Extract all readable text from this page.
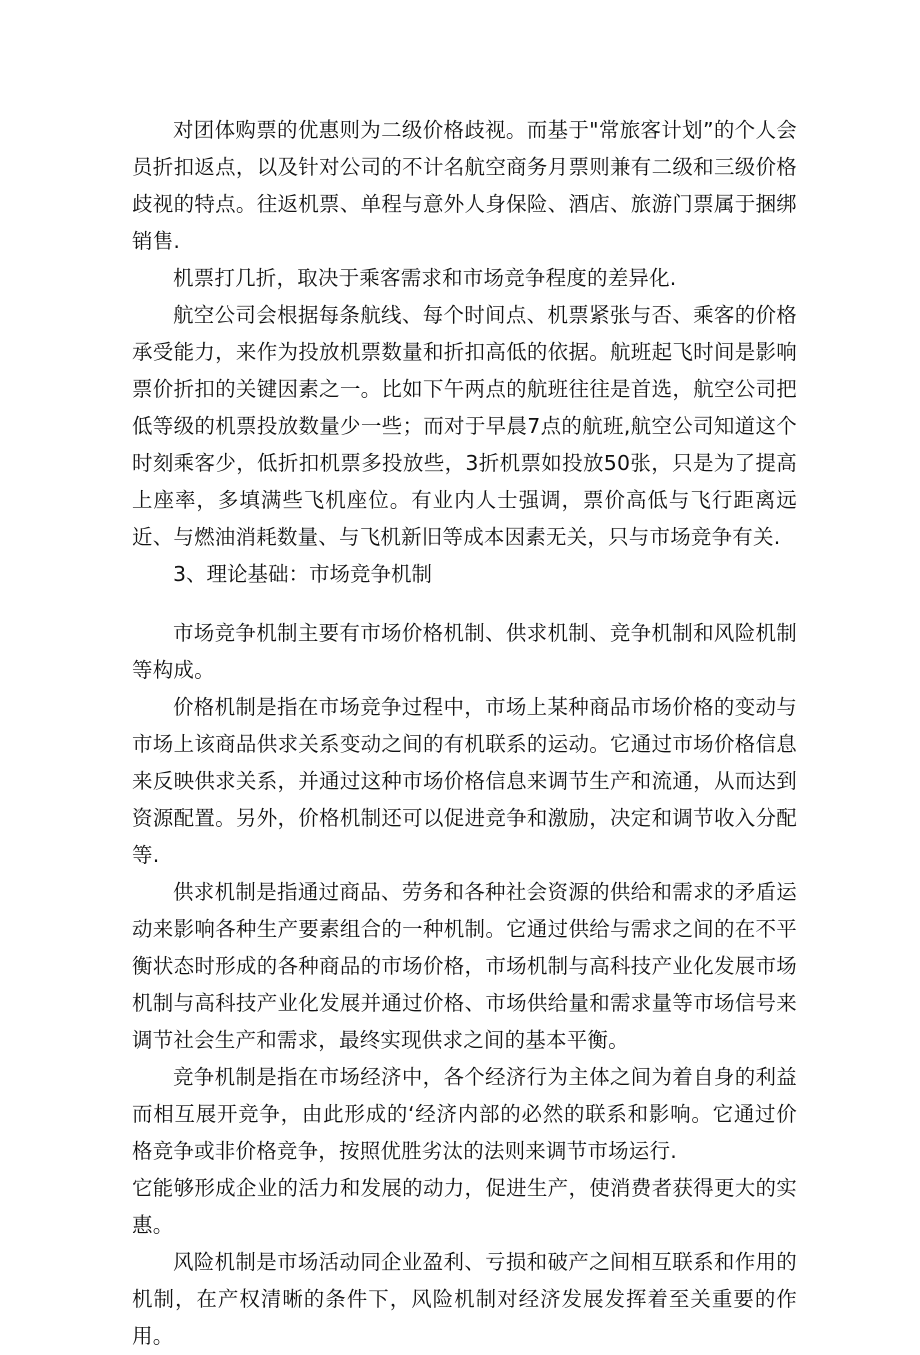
对团体购票的优惠则为二级价格歧视。而基于"常旅客计划”的个人会员折扣返点，以及针对公司的不计名航空商务月票则兼有二级和三级价格歧视的特点。往返机票、单程与意外人身保险、酒店、旅游门票属于捆绑销售.

机票打几折，取决于乘客需求和市场竞争程度的差异化.

航空公司会根据每条航线、每个时间点、机票紧张与否、乘客的价格承受能力，来作为投放机票数量和折扣高低的依据。航班起飞时间是影响票价折扣的关键因素之一。比如下午两点的航班往往是首选，航空公司把低等级的机票投放数量少一些；而对于早晨7点的航班,航空公司知道这个时刻乘客少，低折扣机票多投放些，3折机票如投放50张，只是为了提高上座率，多填满些飞机座位。有业内人士强调，票价高低与飞行距离远近、与燃油消耗数量、与飞机新旧等成本因素无关，只与市场竞争有关.

3、理论基础：市场竞争机制

市场竞争机制主要有市场价格机制、供求机制、竞争机制和风险机制等构成。

价格机制是指在市场竞争过程中，市场上某种商品市场价格的变动与市场上该商品供求关系变动之间的有机联系的运动。它通过市场价格信息来反映供求关系，并通过这种市场价格信息来调节生产和流通，从而达到资源配置。另外，价格机制还可以促进竞争和激励，决定和调节收入分配等.

供求机制是指通过商品、劳务和各种社会资源的供给和需求的矛盾运动来影响各种生产要素组合的一种机制。它通过供给与需求之间的在不平衡状态时形成的各种商品的市场价格，市场机制与高科技产业化发展市场机制与高科技产业化发展并通过价格、市场供给量和需求量等市场信号来调节社会生产和需求，最终实现供求之间的基本平衡。

竞争机制是指在市场经济中，各个经济行为主体之间为着自身的利益而相互展开竞争，由此形成的‘经济内部的必然的联系和影响。它通过价格竞争或非价格竞争，按照优胜劣汰的法则来调节市场运行.

它能够形成企业的活力和发展的动力，促进生产，使消费者获得更大的实惠。

风险机制是市场活动同企业盈利、亏损和破产之间相互联系和作用的机制，在产权清晰的条件下，风险机制对经济发展发挥着至关重要的作用。
